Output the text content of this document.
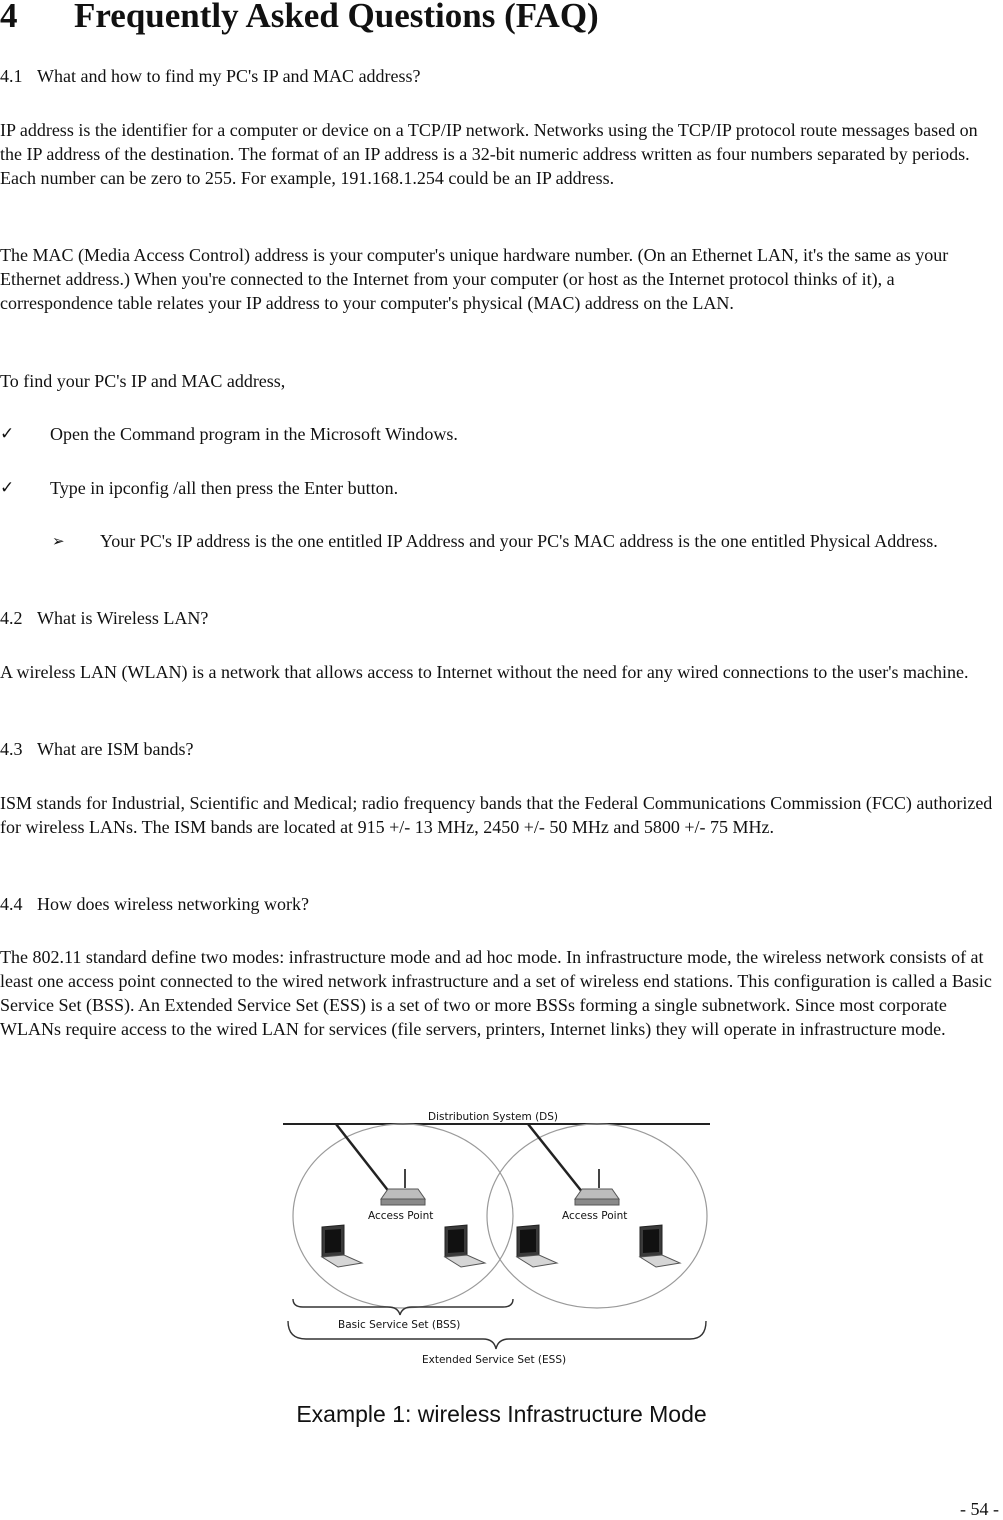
4 Frequently Asked Questions (FAQ)
4.1 What and how to find my PC's IP and MAC address?

IP address is the identifier for a computer or device on a TCP/IP network. Networks using the TCP/IP protocol route messages based on the IP address of the destination. The format of an IP address is a 32-bit numeric address written as four numbers separated by periods. Each number can be zero to 255. For example, 191.168.1.254 could be an IP address.

The MAC (Media Access Control) address is your computer's unique hardware number. (On an Ethernet LAN, it's the same as your Ethernet address.) When you're connected to the Internet from your computer (or host as the Internet protocol thinks of it), a correspondence table relates your IP address to your computer's physical (MAC) address on the LAN.

To find your PC's IP and MAC address,

✓	Open the Command program in the Microsoft Windows.
✓	Type in ipconfig /all then press the Enter button.
➢ Your PC's IP address is the one entitled IP Address and your PC's MAC address is the one entitled Physical Address.
4.2 What is Wireless LAN?

A wireless LAN (WLAN) is a network that allows access to Internet without the need for any wired connections to the user's machine.

4.3 What are ISM bands?

ISM stands for Industrial, Scientific and Medical; radio frequency bands that the Federal Communications Commission (FCC) authorized for wireless LANs. The ISM bands are located at 915 +/- 13 MHz, 2450 +/- 50 MHz and 5800 +/- 75 MHz.

4.4 How does wireless networking work?

The 802.11 standard define two modes: infrastructure mode and ad hoc mode. In infrastructure mode, the wireless network consists of at least one access point connected to the wired network infrastructure and a set of wireless end stations. This configuration is called a Basic Service Set (BSS). An Extended Service Set (ESS) is a set of two or more BSSs forming a single subnetwork. Since most corporate WLANs require access to the wired LAN for services (file servers, printers, Internet links) they will operate in infrastructure mode.

Distribution System (DS)
Access Point	Access Point
Basic Service Set (BSS)
Extended Service Set (ESS)
Example 1: wireless Infrastructure Mode
- 54 -
